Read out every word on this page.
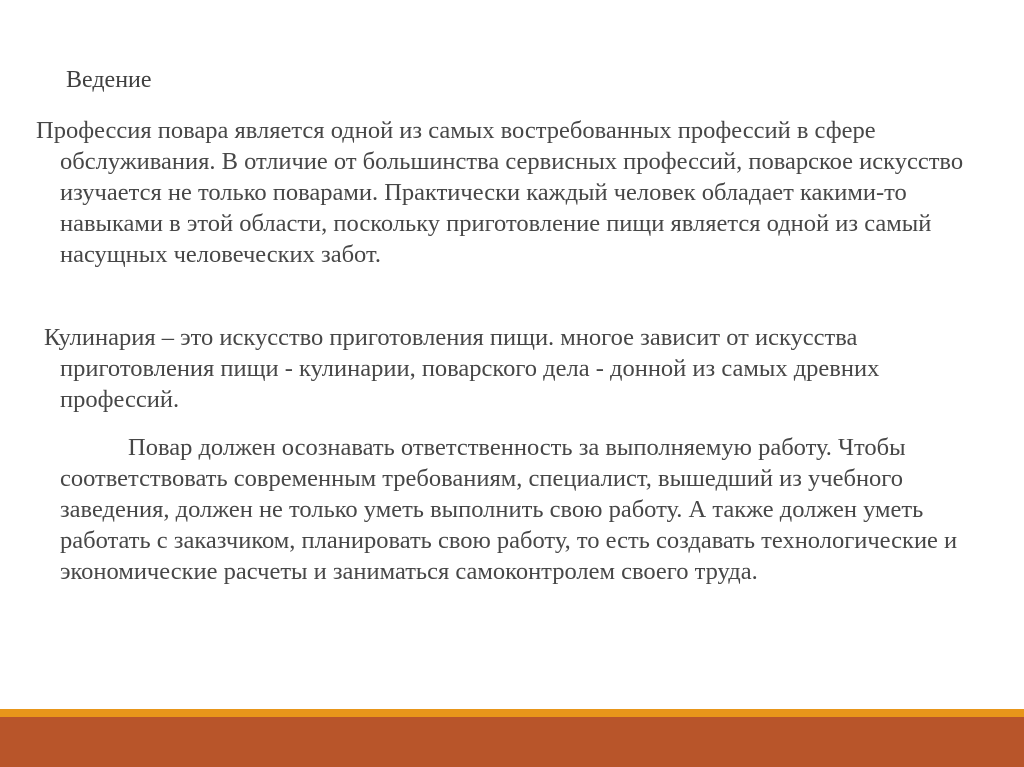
Ведение

Профессия повара является одной из самых востребованных профессий в сфере обслуживания. В отличие от большинства сервисных профессий, поварское искусство изучается не только поварами. Практически каждый человек обладает какими-то навыками в этой области, поскольку приготовление пищи является одной из самый насущных человеческих забот.

Кулинария – это искусство приготовления пищи. многое зависит от искусства приготовления пищи - кулинарии, поварского дела - донной из самых древних профессий.

Повар должен осознавать ответственность за выполняемую работу. Чтобы соответствовать современным требованиям, специалист, вышедший из учебного заведения, должен не только уметь выполнить свою работу. А также должен уметь работать с заказчиком, планировать свою работу, то есть создавать технологические и экономические расчеты и заниматься самоконтролем своего труда.
